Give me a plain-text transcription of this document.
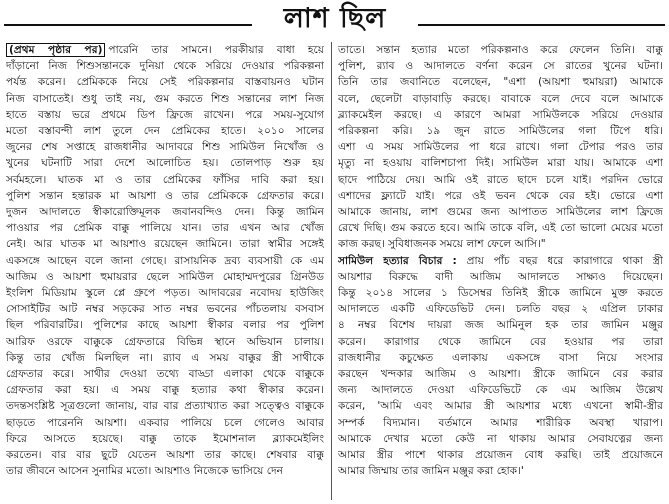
লাশ ছিল
(প্রথম পৃষ্ঠার পর) পারেনি তার সামনে। পরকীয়ার বাধা হয়ে
দাঁড়ানো নিজ শিশুসন্তানকে দুনিয়া থেকে সরিয়ে দেওয়ার পরিকল্পনা
পর্যন্ত করেন। প্রেমিককে নিয়ে সেই পরিকল্পনার বাস্তবায়নও ঘটান
নিজ বাসাতেই। শুধু তাই নয়, গুম করতে শিশু সন্তানের লাশ নিজ
হাতে বস্তায় ভরে প্রথমে ডিপ ফ্রিজে রাখেন। পরে সময়-সুযোগ
মতো বস্তাবন্দী লাশ তুলে দেন প্রেমিকের হাতে। ২০১০ সালের
জুনের শেষ সপ্তাহে রাজধানীর আদাবরে শিশু সামিউল নিখোঁজ ও
খুনের ঘটনাটি সারা দেশে আলোচিত হয়। তোলপাড় শুরু হয়
সর্বমহলে। ঘাতক মা ও তার প্রেমিকের ফাঁসির দাবি করা হয়।
পুলিশ সন্তান হন্তারক মা আয়শা ও তার প্রেমিককে গ্রেফতার করে।
দুজন আদালতে স্বীকারোক্তিমূলক জবানবন্দিও দেন। কিন্তু জামিন
পাওয়ার পর প্রেমিক বাক্কু পালিয়ে যান। তার এখন আর খোঁজ
নেই। আর ঘাতক মা আয়শাও রয়েছেন জামিনে। তারা স্বামীর সঙ্গেই
একসঙ্গে আছেন বলে জানা গেছে। রাসায়নিক দ্রব্য ব্যবসায়ী কে এম
আজিম ও আয়শা হুমায়রার ছেলে সামিউল মোহাম্মদপুরের গ্রিনউড
ইংলিশ মিডিয়াম স্কুলে প্লে গ্রুপে পড়ত। আদাবরের নবোদয় হাউজিং
সোসাইটির আট নম্বর সড়কের সাত নম্বর ভবনের পাঁচতলায় বসবাস
ছিল পরিবারটির। পুলিশের কাছে আয়শা স্বীকার বলার পর পুলিশ
আরিফ ওরফে বাক্কুকে গ্রেফতারে বিভিন্ন স্থানে অভিযান চালায়।
কিন্তু তার খোঁজ মিলছিল না। র‍্যাব এ সময় বাক্কুর স্ত্রী সাথীকে
গ্রেফতার করে। সাথীর দেওয়া তথ্যে বাড্ডা এলাকা থেকে বাক্কুকে
গ্রেফতার করা হয়। এ সময় বাক্কু হত্যার কথা স্বীকার করেন।
তদন্তসংশ্লিষ্ট সূত্রগুলো জানায়, বার বার প্রত্যাখ্যাত করা সত্ত্বেও বাক্কুকে
ছাড়তে পারেননি আয়শা। একবার পালিয়ে চলে গেলেও আবার
ফিরে আসতে হয়েছে। বাক্কু তাকে ইমোশনাল ব্ল্যাকমেইলিং
করতেন। বার বার ছুটে যেতেন আয়শা তার কাছে। শেষবার বাক্কু
তার জীবনে আসেন সুনামির মতো। আয়শাও নিজেকে ভাসিয়ে দেন
তাতে। সন্তান হত্যার মতো পরিকল্পনাও করে ফেলেন তিনি। বাক্কু
পুলিশ, র‍্যাব ও আদালতে বর্ণনা করেন সে রাতের খুনের ঘটনা।
তিনি তার জবানিতে বলেছেন, "এশা (আয়শা হুমায়রা) আমাকে
বলে, ছেলেটা বাড়াবাড়ি করছে। বাবাকে বলে দেবে বলে আমাকে
ব্ল্যাকমেইল করছে। এ কারণে আমরা সামিউলকে সরিয়ে দেওয়ার
পরিকল্পনা করি। ১৯ জুন রাতে সামিউলের গলা টিপে ধরি।
এশা এ সময় সামিউলের পা ধরে রাখে। গলা টেপার পরও তার
মৃত্যু না হওয়ায় বালিশচাপা দিই। সামিউল মারা যায়। আমাকে এশা
ছাদে পাঠিয়ে দেয়। আমি ওই রাতে ছাদে চলে যাই। পরদিন ভোরে
এশাদের ফ্ল্যাটে যাই। পরে ওই ভবন থেকে বের হই। ভোরে এশা
আমাকে জানায়, লাশ গুমের জন্য আপাতত সামিউলের লাশ ফ্রিজে
রেখে দিছি। গুম করতে হবে। আমি তাকে বলি, এই তো ভালো মেয়ের মতো
কাজ করছ। সুবিধাজনক সময়ে লাশ ফেলে আসি।"
সামিউল হত্যার বিচার : প্রায় পাঁচ বছর ধরে কারাগারে থাকা স্ত্রী
আয়শার বিরুদ্ধে বাদী আজিম আদালতে সাক্ষ্যও দিয়েছেন।
কিন্তু ২০১৪ সালের ১ ডিসেম্বর তিনিই স্ত্রীকে জামিনে মুক্ত করতে
আদালতে একটি এফিডেভিট দেন। চলতি বছর ২ এপ্রিল ঢাকার
৪ নম্বর বিশেষ দায়রা জজ আমিনুল হক তার জামিন মঞ্জুর
করেন। কারাগার থেকে জামিনে বের হওয়ার পর তারা
রাজধানীর কচুক্ষেত এলাকায় একসঙ্গে বাসা নিয়ে সংসার
করছেন খন্দকার আজিম ও আয়শা। স্ত্রীকে জামিনে বের করার
জন্য আদালতে দেওয়া এফিডেভিটে কে এম আজিম উল্লেখ
করেন, 'আমি এবং আমার স্ত্রী আয়শার মধ্যে এখনো স্বামী-স্ত্রীর
সম্পর্ক বিদ্যমান। বর্তমানে আমার শারীরিক অবস্থা খারাপ।
আমাকে দেখার মতো কেউ না থাকায় আমার সেবাযত্নের জন্য
আমার স্ত্রীর পাশে থাকার প্রয়োজন বোধ করছি। তাই প্রয়োজনে
আমার জিম্মায় তার জামিন মঞ্জুর করা হোক।'
